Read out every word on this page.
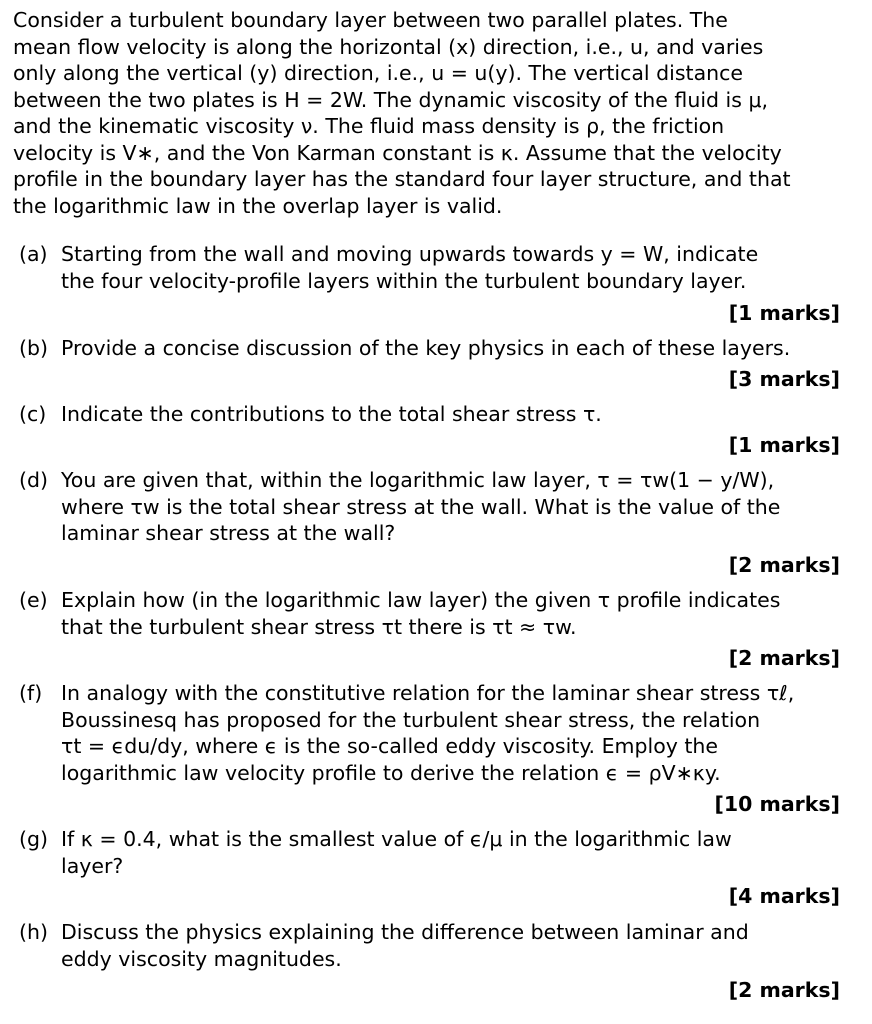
Consider a turbulent boundary layer between two parallel plates. The
mean flow velocity is along the horizontal (x) direction, i.e., u, and varies
only along the vertical (y) direction, i.e., u = u(y). The vertical distance
between the two plates is H = 2W. The dynamic viscosity of the fluid is μ,
and the kinematic viscosity ν. The fluid mass density is ρ, the friction
velocity is V∗, and the Von Karman constant is κ. Assume that the velocity
profile in the boundary layer has the standard four layer structure, and that
the logarithmic law in the overlap layer is valid.
(a) Starting from the wall and moving upwards towards y = W, indicate
the four velocity-profile layers within the turbulent boundary layer.
[1 marks]
(b) Provide a concise discussion of the key physics in each of these layers.
[3 marks]
(c) Indicate the contributions to the total shear stress τ.
[1 marks]
(d) You are given that, within the logarithmic law layer, τ = τw(1 − y/W),
where τw is the total shear stress at the wall. What is the value of the
laminar shear stress at the wall?
[2 marks]
(e) Explain how (in the logarithmic law layer) the given τ profile indicates
that the turbulent shear stress τt there is τt ≈ τw.
[2 marks]
(f) In analogy with the constitutive relation for the laminar shear stress τℓ,
Boussinesq has proposed for the turbulent shear stress, the relation
τt = ϵdu/dy, where ϵ is the so-called eddy viscosity. Employ the
logarithmic law velocity profile to derive the relation ϵ = ρV∗κy.
[10 marks]
(g) If κ = 0.4, what is the smallest value of ϵ/μ in the logarithmic law
layer?
[4 marks]
(h) Discuss the physics explaining the difference between laminar and
eddy viscosity magnitudes.
[2 marks]
